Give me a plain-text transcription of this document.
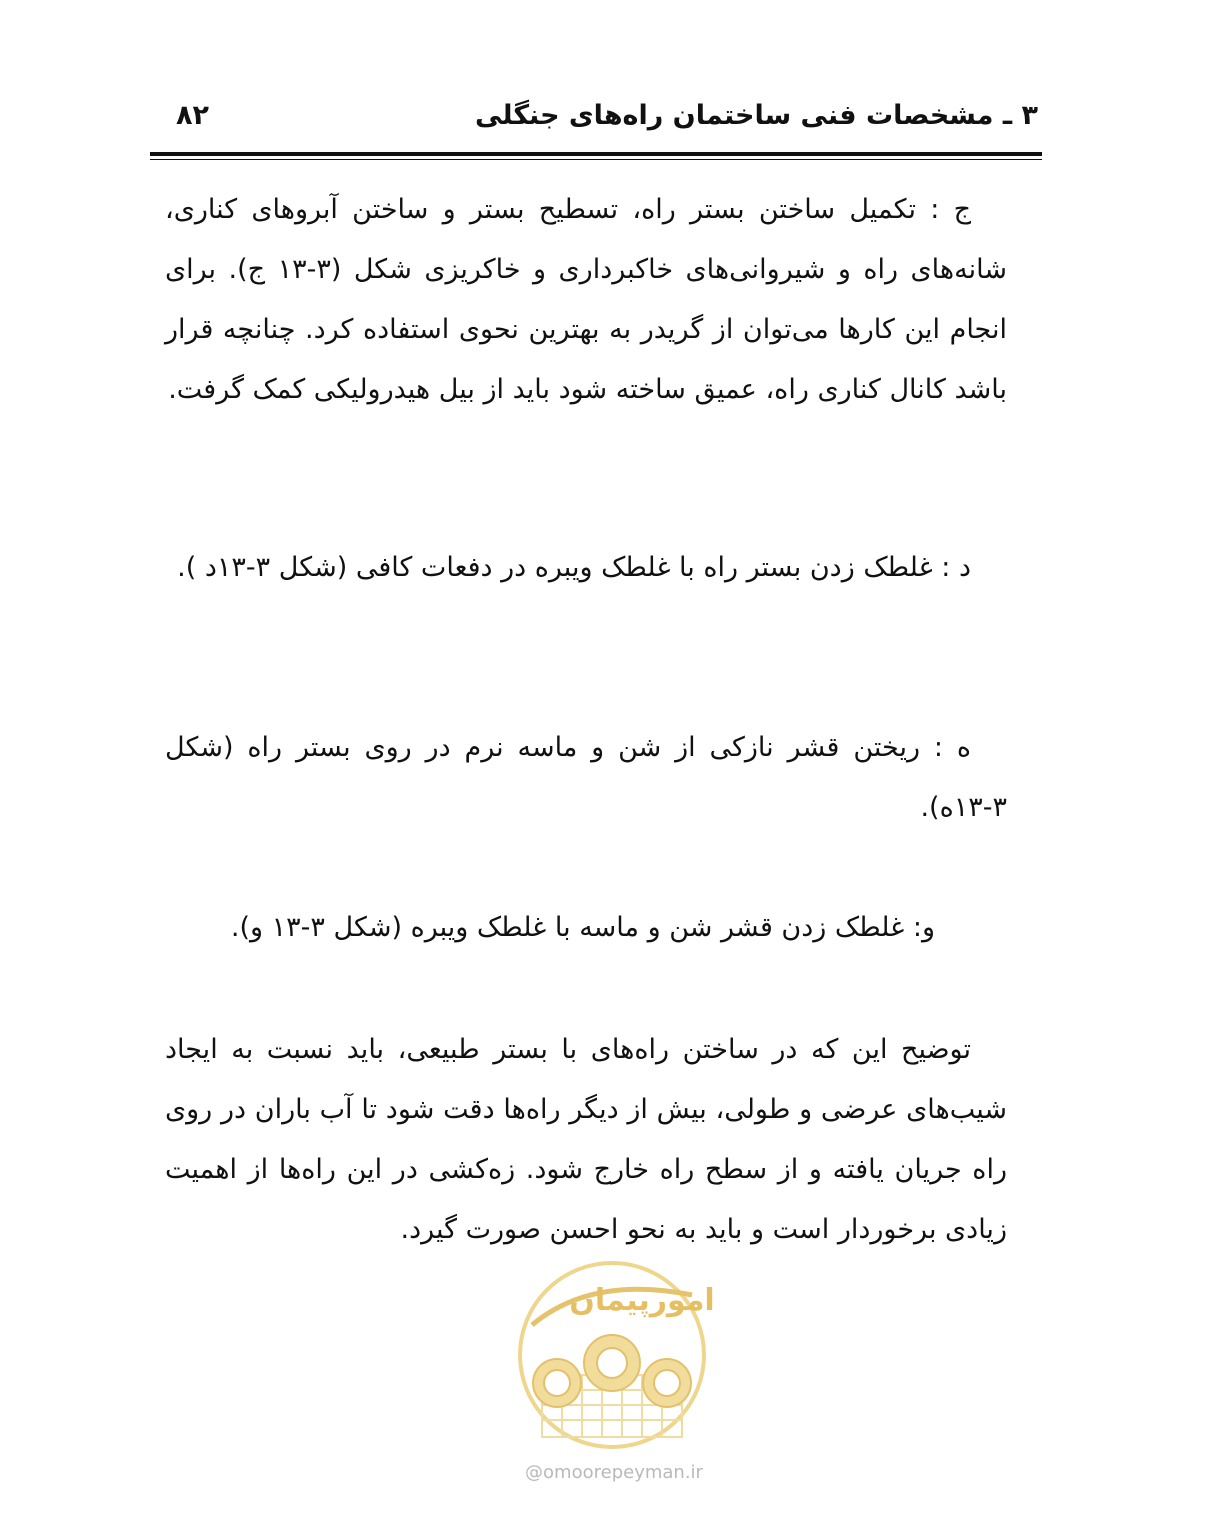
۳ ـ مشخصات فنی ساختمان راه‌های جنگلی
۸۲

ج : تکمیل ساختن بستر راه، تسطیح بستر و ساختن آبروهای کناری، شانه‌های راه و شیروانی‌های خاکبرداری و خاکریزی شکل (۳-۱۳ ج). برای انجام این کارها می‌توان از گریدر به بهترین نحوی استفاده کرد. چنانچه قرار باشد کانال کناری راه، عمیق ساخته شود باید از بیل هیدرولیکی کمک گرفت.

د : غلطک زدن بستر راه با غلطک ویبره در دفعات کافی (شکل ۳-۱۳د ).

ه : ریختن قشر نازکی از شن و ماسه نرم در روی بستر راه (شکل ۳-۱۳ه).

و: غلطک زدن قشر شن و ماسه با غلطک ویبره (شکل ۳-۱۳ و).

توضیح این که در ساختن راه‌های با بستر طبیعی، باید نسبت به ایجاد شیب‌های عرضی و طولی، بیش از دیگر راه‌ها دقت شود تا آب باران در روی راه جریان یافته و از سطح راه خارج شود. زه‌کشی در این راه‌ها از اهمیت زیادی برخوردار است و باید به نحو احسن صورت گیرد.

امورپیمان
@omoorepeyman.ir
